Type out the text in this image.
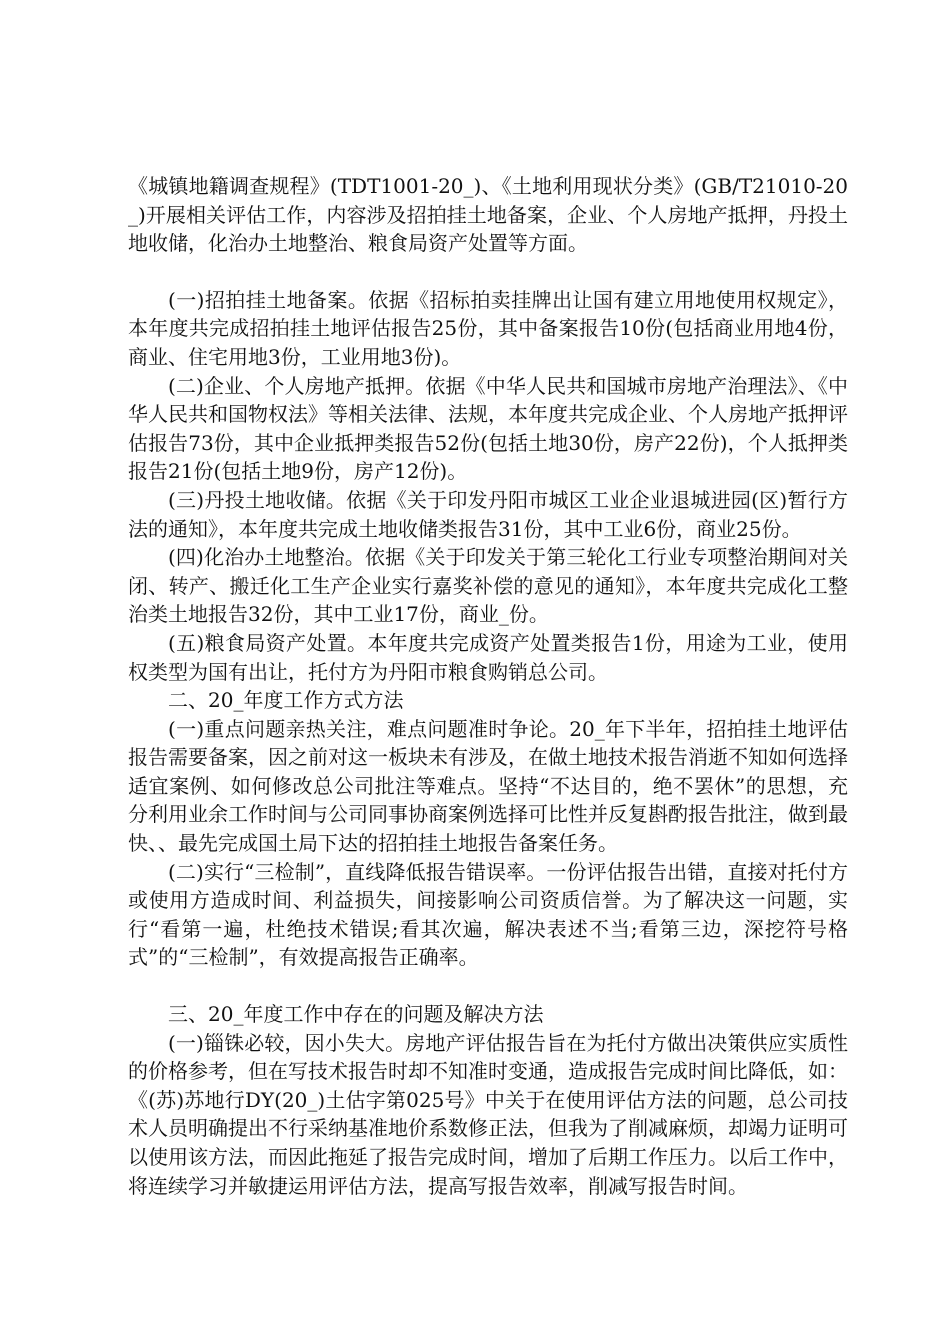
《城镇地籍调查规程》(TDT1001-20_)、《土地利用现状分类》(GB/T21010-20_)开展相关评估工作，内容涉及招拍挂土地备案，企业、个人房地产抵押，丹投土地收储，化治办土地整治、粮食局资产处置等方面。

(一)招拍挂土地备案。依据《招标拍卖挂牌出让国有建立用地使用权规定》，本年度共完成招拍挂土地评估报告25份，其中备案报告10份(包括商业用地4份，商业、住宅用地3份，工业用地3份)。

(二)企业、个人房地产抵押。依据《中华人民共和国城市房地产治理法》、《中华人民共和国物权法》等相关法律、法规，本年度共完成企业、个人房地产抵押评估报告73份，其中企业抵押类报告52份(包括土地30份，房产22份)，个人抵押类报告21份(包括土地9份，房产12份)。

(三)丹投土地收储。依据《关于印发丹阳市城区工业企业退城进园(区)暂行方法的通知》，本年度共完成土地收储类报告31份，其中工业6份，商业25份。

(四)化治办土地整治。依据《关于印发关于第三轮化工行业专项整治期间对关闭、转产、搬迁化工生产企业实行嘉奖补偿的意见的通知》，本年度共完成化工整治类土地报告32份，其中工业17份，商业_份。

(五)粮食局资产处置。本年度共完成资产处置类报告1份，用途为工业，使用权类型为国有出让，托付方为丹阳市粮食购销总公司。

二、20_年度工作方式方法

(一)重点问题亲热关注，难点问题准时争论。20_年下半年，招拍挂土地评估报告需要备案，因之前对这一板块未有涉及，在做土地技术报告消逝不知如何选择适宜案例、如何修改总公司批注等难点。坚持“不达目的，绝不罢休”的思想，充分利用业余工作时间与公司同事协商案例选择可比性并反复斟酌报告批注，做到最快、、最先完成国土局下达的招拍挂土地报告备案任务。

(二)实行“三检制”，直线降低报告错误率。一份评估报告出错，直接对托付方或使用方造成时间、利益损失，间接影响公司资质信誉。为了解决这一问题，实行“看第一遍，杜绝技术错误;看其次遍，解决表述不当;看第三边，深挖符号格式”的“三检制”，有效提高报告正确率。

三、20_年度工作中存在的问题及解决方法

(一)锱铢必较，因小失大。房地产评估报告旨在为托付方做出决策供应实质性的价格参考，但在写技术报告时却不知准时变通，造成报告完成时间比降低，如：《(苏)苏地行DY(20_)土估字第025号》中关于在使用评估方法的问题，总公司技术人员明确提出不行采纳基准地价系数修正法，但我为了削减麻烦，却竭力证明可以使用该方法，而因此拖延了报告完成时间，增加了后期工作压力。以后工作中，将连续学习并敏捷运用评估方法，提高写报告效率，削减写报告时间。
